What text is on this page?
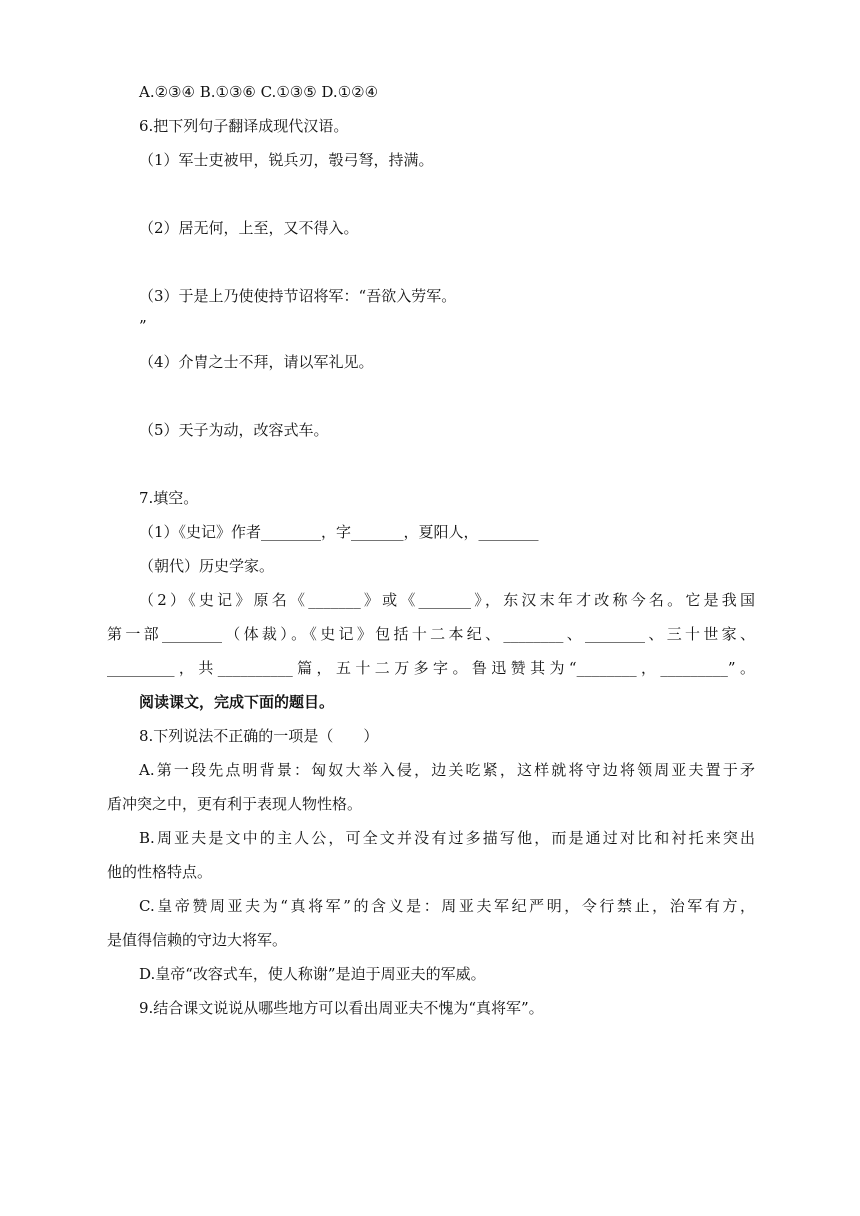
A.②③④ B.①③⑥ C.①③⑤ D.①②④
6.把下列句子翻译成现代汉语。
（1）军士吏被甲，锐兵刃，彀弓弩，持满。
（2）居无何，上至，又不得入。
（3）于是上乃使使持节诏将军：“吾欲入劳军。
”
（4）介胄之士不拜，请以军礼见。
（5）天子为动，改容式车。
7.填空。
（1）《史记》作者________，字_______，夏阳人，________
（朝代）历史学家。
（2）《史记》原名《_______》或《_______》，东汉末年才改称今名。它是我国
第一部________（体裁）。《史记》包括十二本纪、________、________、三十世家、
_________，共__________篇，五十二万多字。鲁迅赞其为“________，_________”。
阅读课文，完成下面的题目。
8.下列说法不正确的一项是（　　）
A.第一段先点明背景：匈奴大举入侵，边关吃紧，这样就将守边将领周亚夫置于矛
盾冲突之中，更有利于表现人物性格。
B.周亚夫是文中的主人公，可全文并没有过多描写他，而是通过对比和衬托来突出
他的性格特点。
C.皇帝赞周亚夫为“真将军”的含义是：周亚夫军纪严明，令行禁止，治军有方，
是值得信赖的守边大将军。
D.皇帝“改容式车，使人称谢”是迫于周亚夫的军威。
9.结合课文说说从哪些地方可以看出周亚夫不愧为“真将军”。
